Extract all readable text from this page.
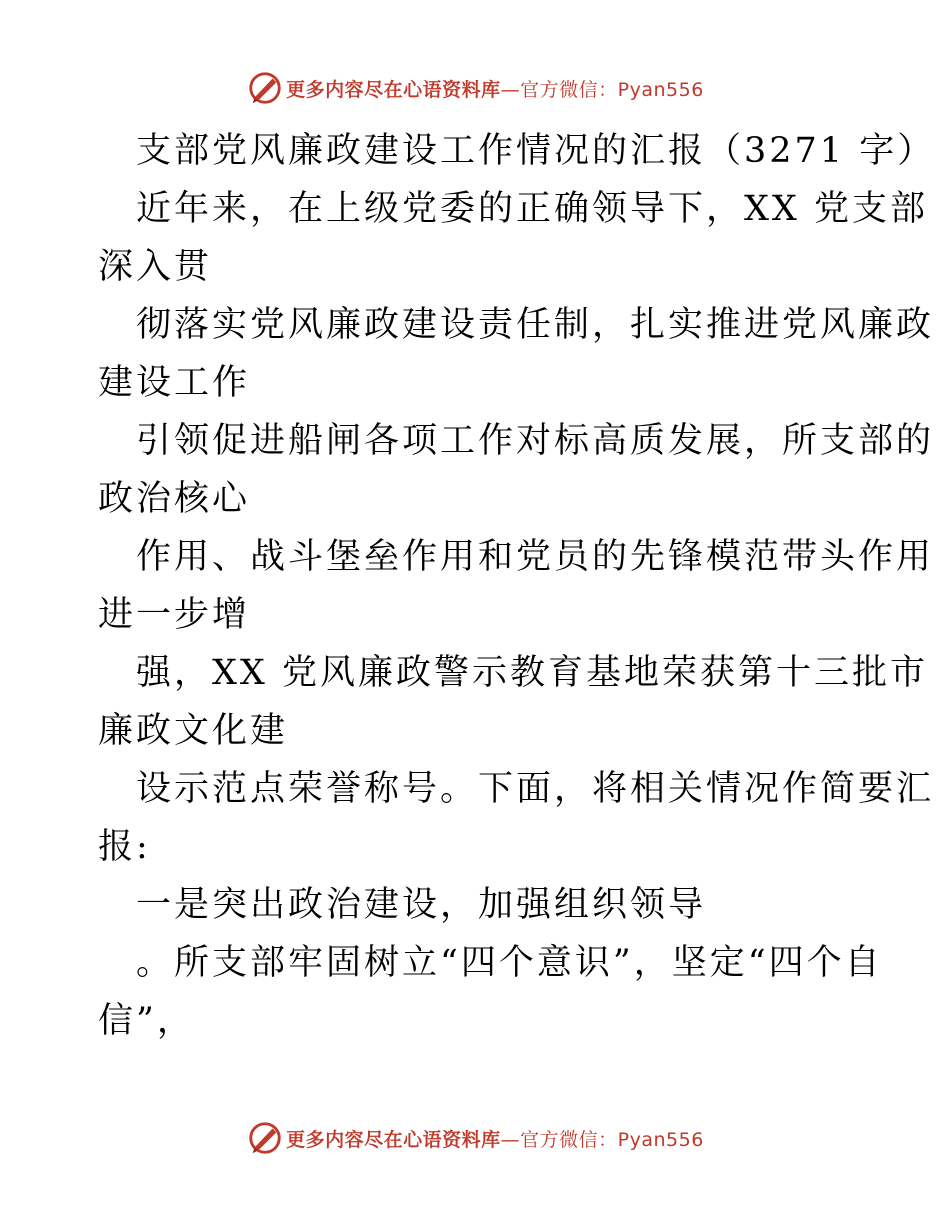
更多内容尽在心语资料库 —官方微信：Pyan556
支部党风廉政建设工作情况的汇报（3271 字）
近年来，在上级党委的正确领导下，XX 党支部
深入贯
彻落实党风廉政建设责任制，扎实推进党风廉政
建设工作
引领促进船闸各项工作对标高质发展，所支部的
政治核心
作用、战斗堡垒作用和党员的先锋模范带头作用
进一步增
强，XX 党风廉政警示教育基地荣获第十三批市
廉政文化建
设示范点荣誉称号。下面，将相关情况作简要汇
报:
一是突出政治建设，加强组织领导
。所支部牢固树立“四个意识”，坚定“四个自
信”，
更多内容尽在心语资料库 —官方微信：Pyan556
